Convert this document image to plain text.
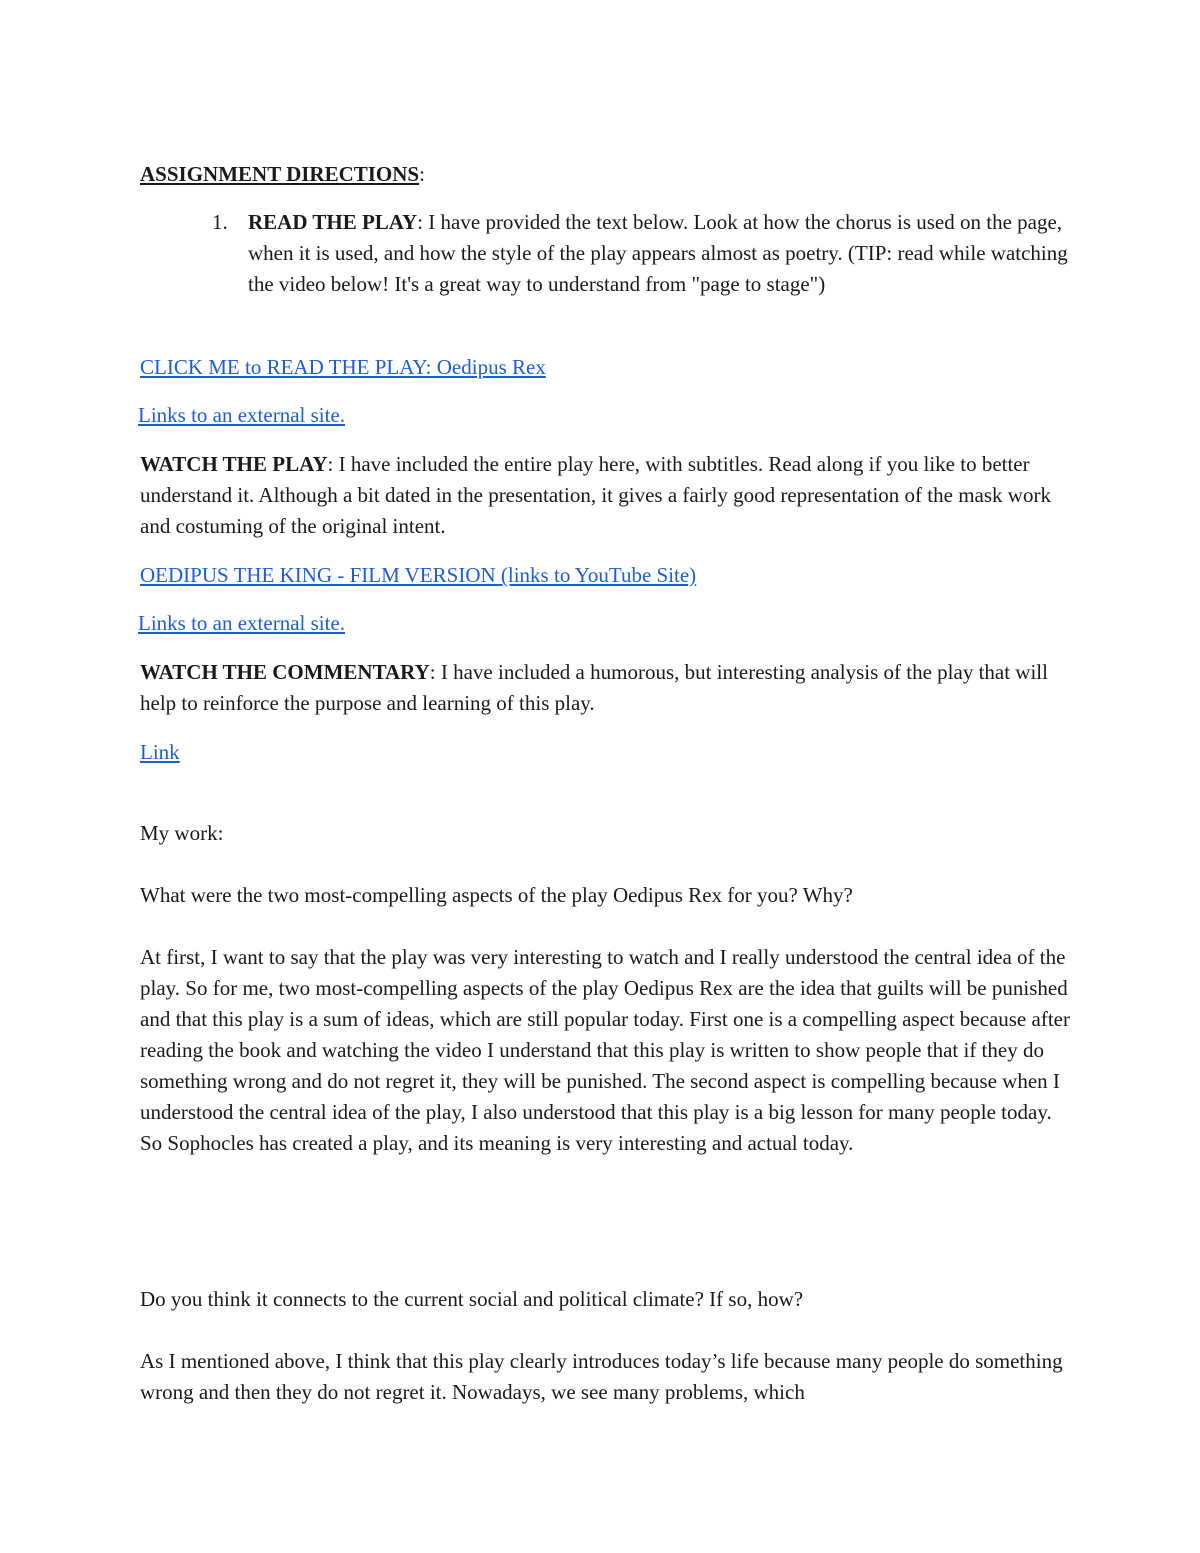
ASSIGNMENT DIRECTIONS:

1. READ THE PLAY: I have provided the text below. Look at how the chorus is used on the page, when it is used, and how the style of the play appears almost as poetry. (TIP: read while watching the video below! It's a great way to understand from "page to stage")

CLICK ME to READ THE PLAY: Oedipus Rex

Links to an external site.

WATCH THE PLAY: I have included the entire play here, with subtitles. Read along if you like to better understand it. Although a bit dated in the presentation, it gives a fairly good representation of the mask work and costuming of the original intent.

OEDIPUS THE KING - FILM VERSION (links to YouTube Site)

Links to an external site.

WATCH THE COMMENTARY: I have included a humorous, but interesting analysis of the play that will help to reinforce the purpose and learning of this play.

Link

My work:

What were the two most-compelling aspects of the play Oedipus Rex for you? Why?

At first, I want to say that the play was very interesting to watch and I really understood the central idea of the play. So for me, two most-compelling aspects of the play Oedipus Rex are the idea that guilts will be punished and that this play is a sum of ideas, which are still popular today. First one is a compelling aspect because after reading the book and watching the video I understand that this play is written to show people that if they do something wrong and do not regret it, they will be punished. The second aspect is compelling because when I understood the central idea of the play, I also understood that this play is a big lesson for many people today. So Sophocles has created a play, and its meaning is very interesting and actual today.

Do you think it connects to the current social and political climate? If so, how?

As I mentioned above, I think that this play clearly introduces today’s life because many people do something wrong and then they do not regret it. Nowadays, we see many problems, which
